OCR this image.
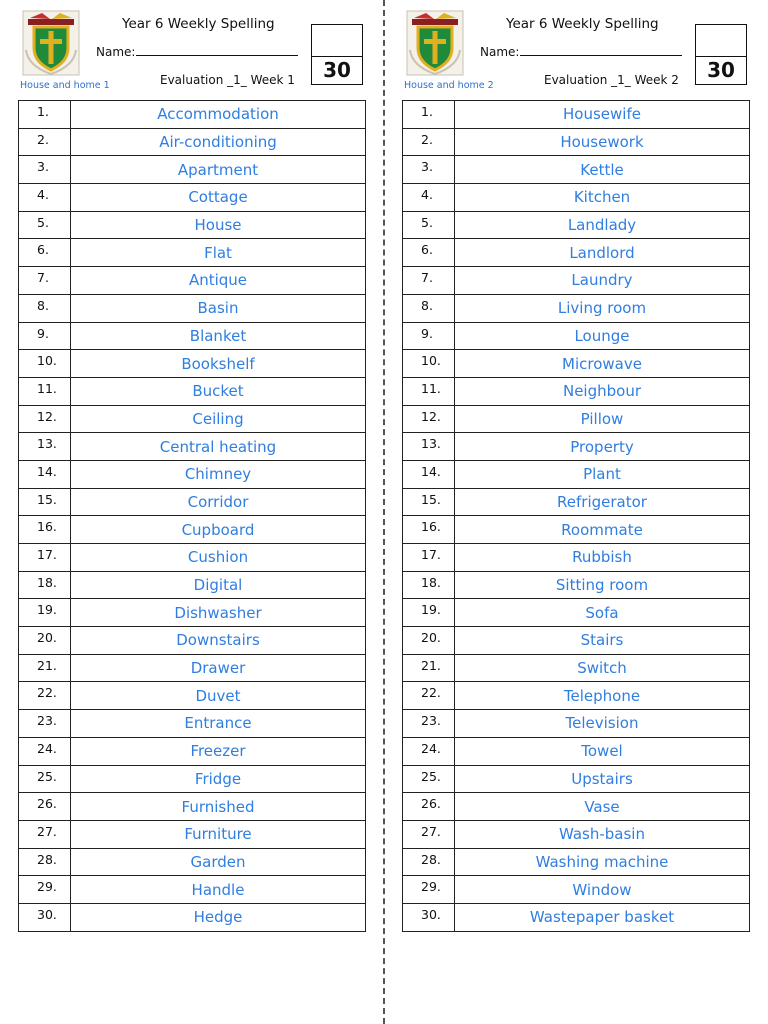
House and home 1
Year 6 Weekly Spelling
Name:
Evaluation _1_ Week 1	30
1.	Accommodation
2.	Air-conditioning
3.	Apartment
4.	Cottage
5.	House
6.	Flat
7.	Antique
8.	Basin
9.	Blanket
10.	Bookshelf
11.	Bucket
12.	Ceiling
13.	Central heating
14.	Chimney
15.	Corridor
16.	Cupboard
17.	Cushion
18.	Digital
19.	Dishwasher
20.	Downstairs
21.	Drawer
22.	Duvet
23.	Entrance
24.	Freezer
25.	Fridge
26.	Furnished
27.	Furniture
28.	Garden
29.	Handle
30.	Hedge
House and home 2
Year 6 Weekly Spelling
Name:
Evaluation _1_ Week 2	30
1.	Housewife
2.	Housework
3.	Kettle
4.	Kitchen
5.	Landlady
6.	Landlord
7.	Laundry
8.	Living room
9.	Lounge
10.	Microwave
11.	Neighbour
12.	Pillow
13.	Property
14.	Plant
15.	Refrigerator
16.	Roommate
17.	Rubbish
18.	Sitting room
19.	Sofa
20.	Stairs
21.	Switch
22.	Telephone
23.	Television
24.	Towel
25.	Upstairs
26.	Vase
27.	Wash-basin
28.	Washing machine
29.	Window
30.	Wastepaper basket
